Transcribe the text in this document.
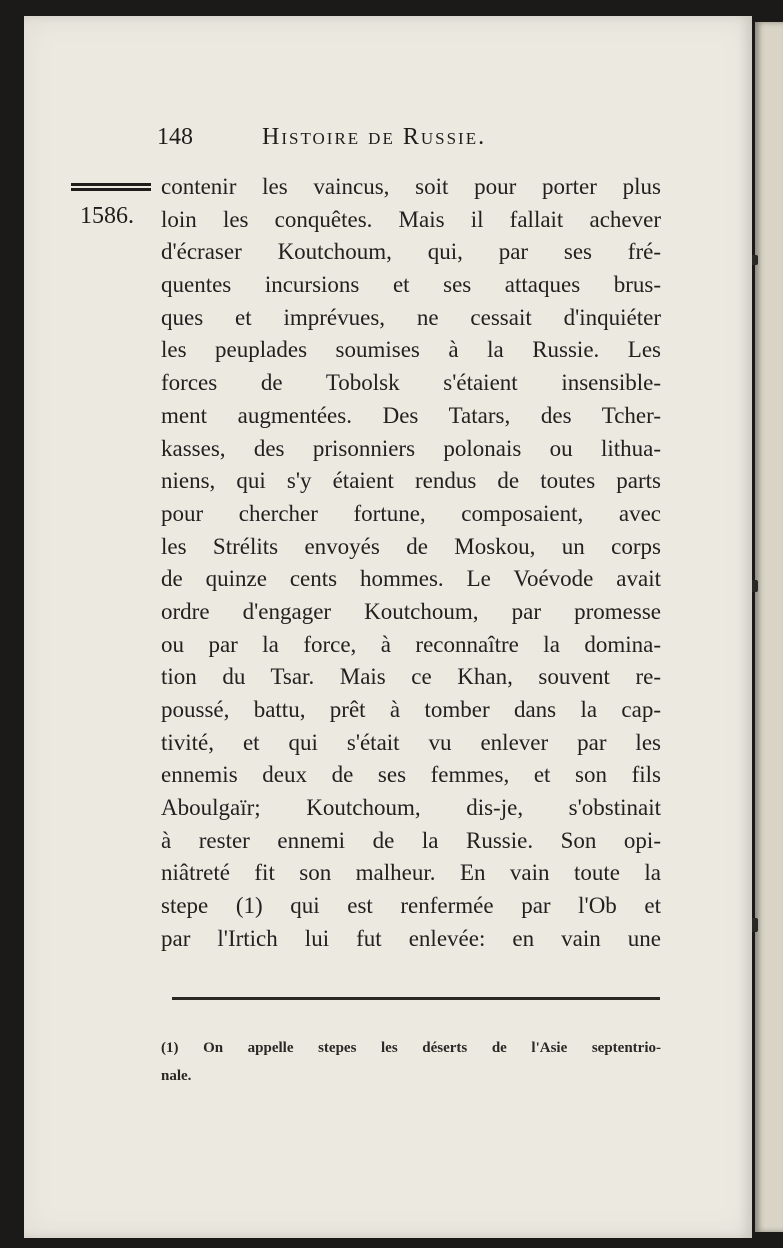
148	Histoire de Russie.
1586.
contenir les vaincus, soit pour porter plus
loin les conquêtes. Mais il fallait achever
d'écraser Koutchoum, qui, par ses fré-
quentes incursions et ses attaques brus-
ques et imprévues, ne cessait d'inquiéter
les peuplades soumises à la Russie. Les
forces de Tobolsk s'étaient insensible-
ment augmentées. Des Tatars, des Tcher-
kasses, des prisonniers polonais ou lithua-
niens, qui s'y étaient rendus de toutes parts
pour chercher fortune, composaient, avec
les Strélits envoyés de Moskou, un corps
de quinze cents hommes. Le Voévode avait
ordre d'engager Koutchoum, par promesse
ou par la force, à reconnaître la domina-
tion du Tsar. Mais ce Khan, souvent re-
poussé, battu, prêt à tomber dans la cap-
tivité, et qui s'était vu enlever par les
ennemis deux de ses femmes, et son fils
Aboulgaïr; Koutchoum, dis-je, s'obstinait
à rester ennemi de la Russie. Son opi-
niâtreté fit son malheur. En vain toute la
stepe (1) qui est renfermée par l'Ob et
par l'Irtich lui fut enlevée: en vain une
(1) On appelle stepes les déserts de l'Asie septentrio-
nale.
